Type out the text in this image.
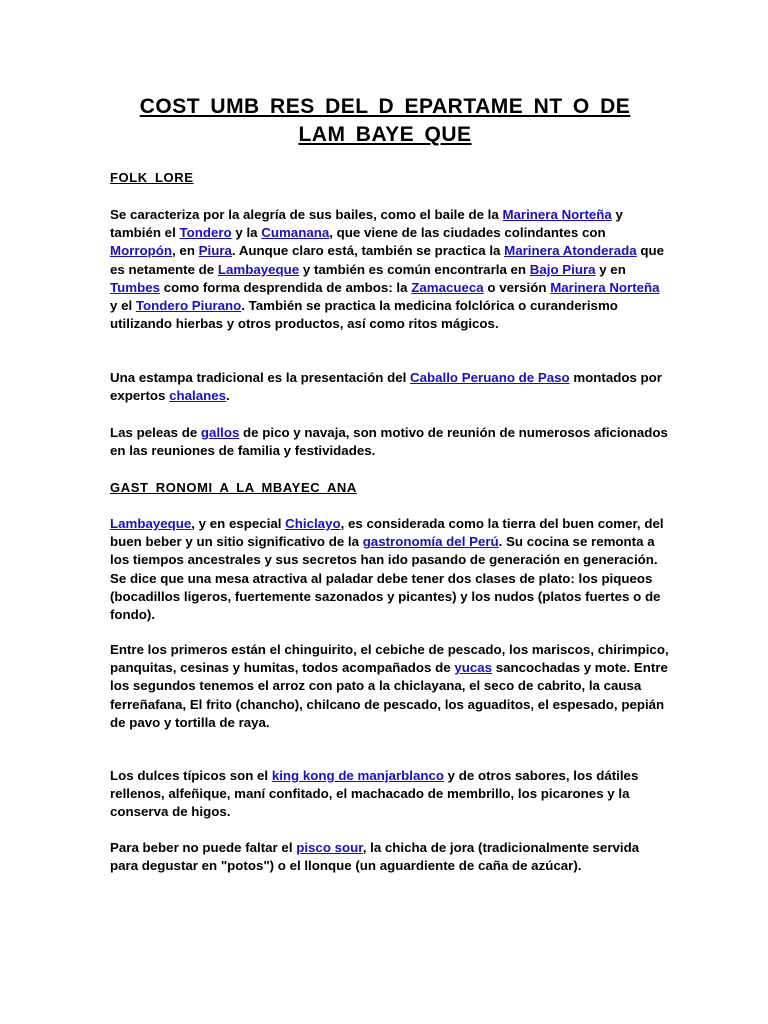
COST UMB RES DEL D EPARTAME NT O DE
LAM BAYE QUE
FOLK LORE

Se caracteriza por la alegría de sus bailes, como el baile de la Marinera Norteña y también el Tondero y la Cumanana, que viene de las ciudades colindantes con Morropón, en Piura. Aunque claro está, también se practica la Marinera Atonderada que es netamente de Lambayeque y también es común encontrarla en Bajo Piura y en Tumbes como forma desprendida de ambos: la Zamacueca o versión Marinera Norteña y el Tondero Piurano. También se practica la medicina folclórica o curanderismo utilizando hierbas y otros productos, así como ritos mágicos.

Una estampa tradicional es la presentación del Caballo Peruano de Paso montados por expertos chalanes.

Las peleas de gallos de pico y navaja, son motivo de reunión de numerosos aficionados en las reuniones de familia y festividades.

GAST RONOMI A LA MBAYEC ANA

Lambayeque, y en especial Chiclayo, es considerada como la tierra del buen comer, del buen beber y un sitio significativo de la gastronomía del Perú. Su cocina se remonta a los tiempos ancestrales y sus secretos han ido pasando de generación en generación. Se dice que una mesa atractiva al paladar debe tener dos clases de plato: los piqueos (bocadillos ligeros, fuertemente sazonados y picantes) y los nudos (platos fuertes o de fondo).

Entre los primeros están el chinguirito, el cebiche de pescado, los mariscos, chirimpico, panquitas, cesinas y humitas, todos acompañados de yucas sancochadas y mote. Entre los segundos tenemos el arroz con pato a la chiclayana, el seco de cabrito, la causa ferreñafana, El frito (chancho), chilcano de pescado, los aguaditos, el espesado, pepián de pavo y tortilla de raya.

Los dulces típicos son el king kong de manjarblanco y de otros sabores, los dátiles rellenos, alfeñique, maní confitado, el machacado de membrillo, los picarones y la conserva de higos.

Para beber no puede faltar el pisco sour, la chicha de jora (tradicionalmente servida para degustar en "potos") o el llonque (un aguardiente de caña de azúcar).
